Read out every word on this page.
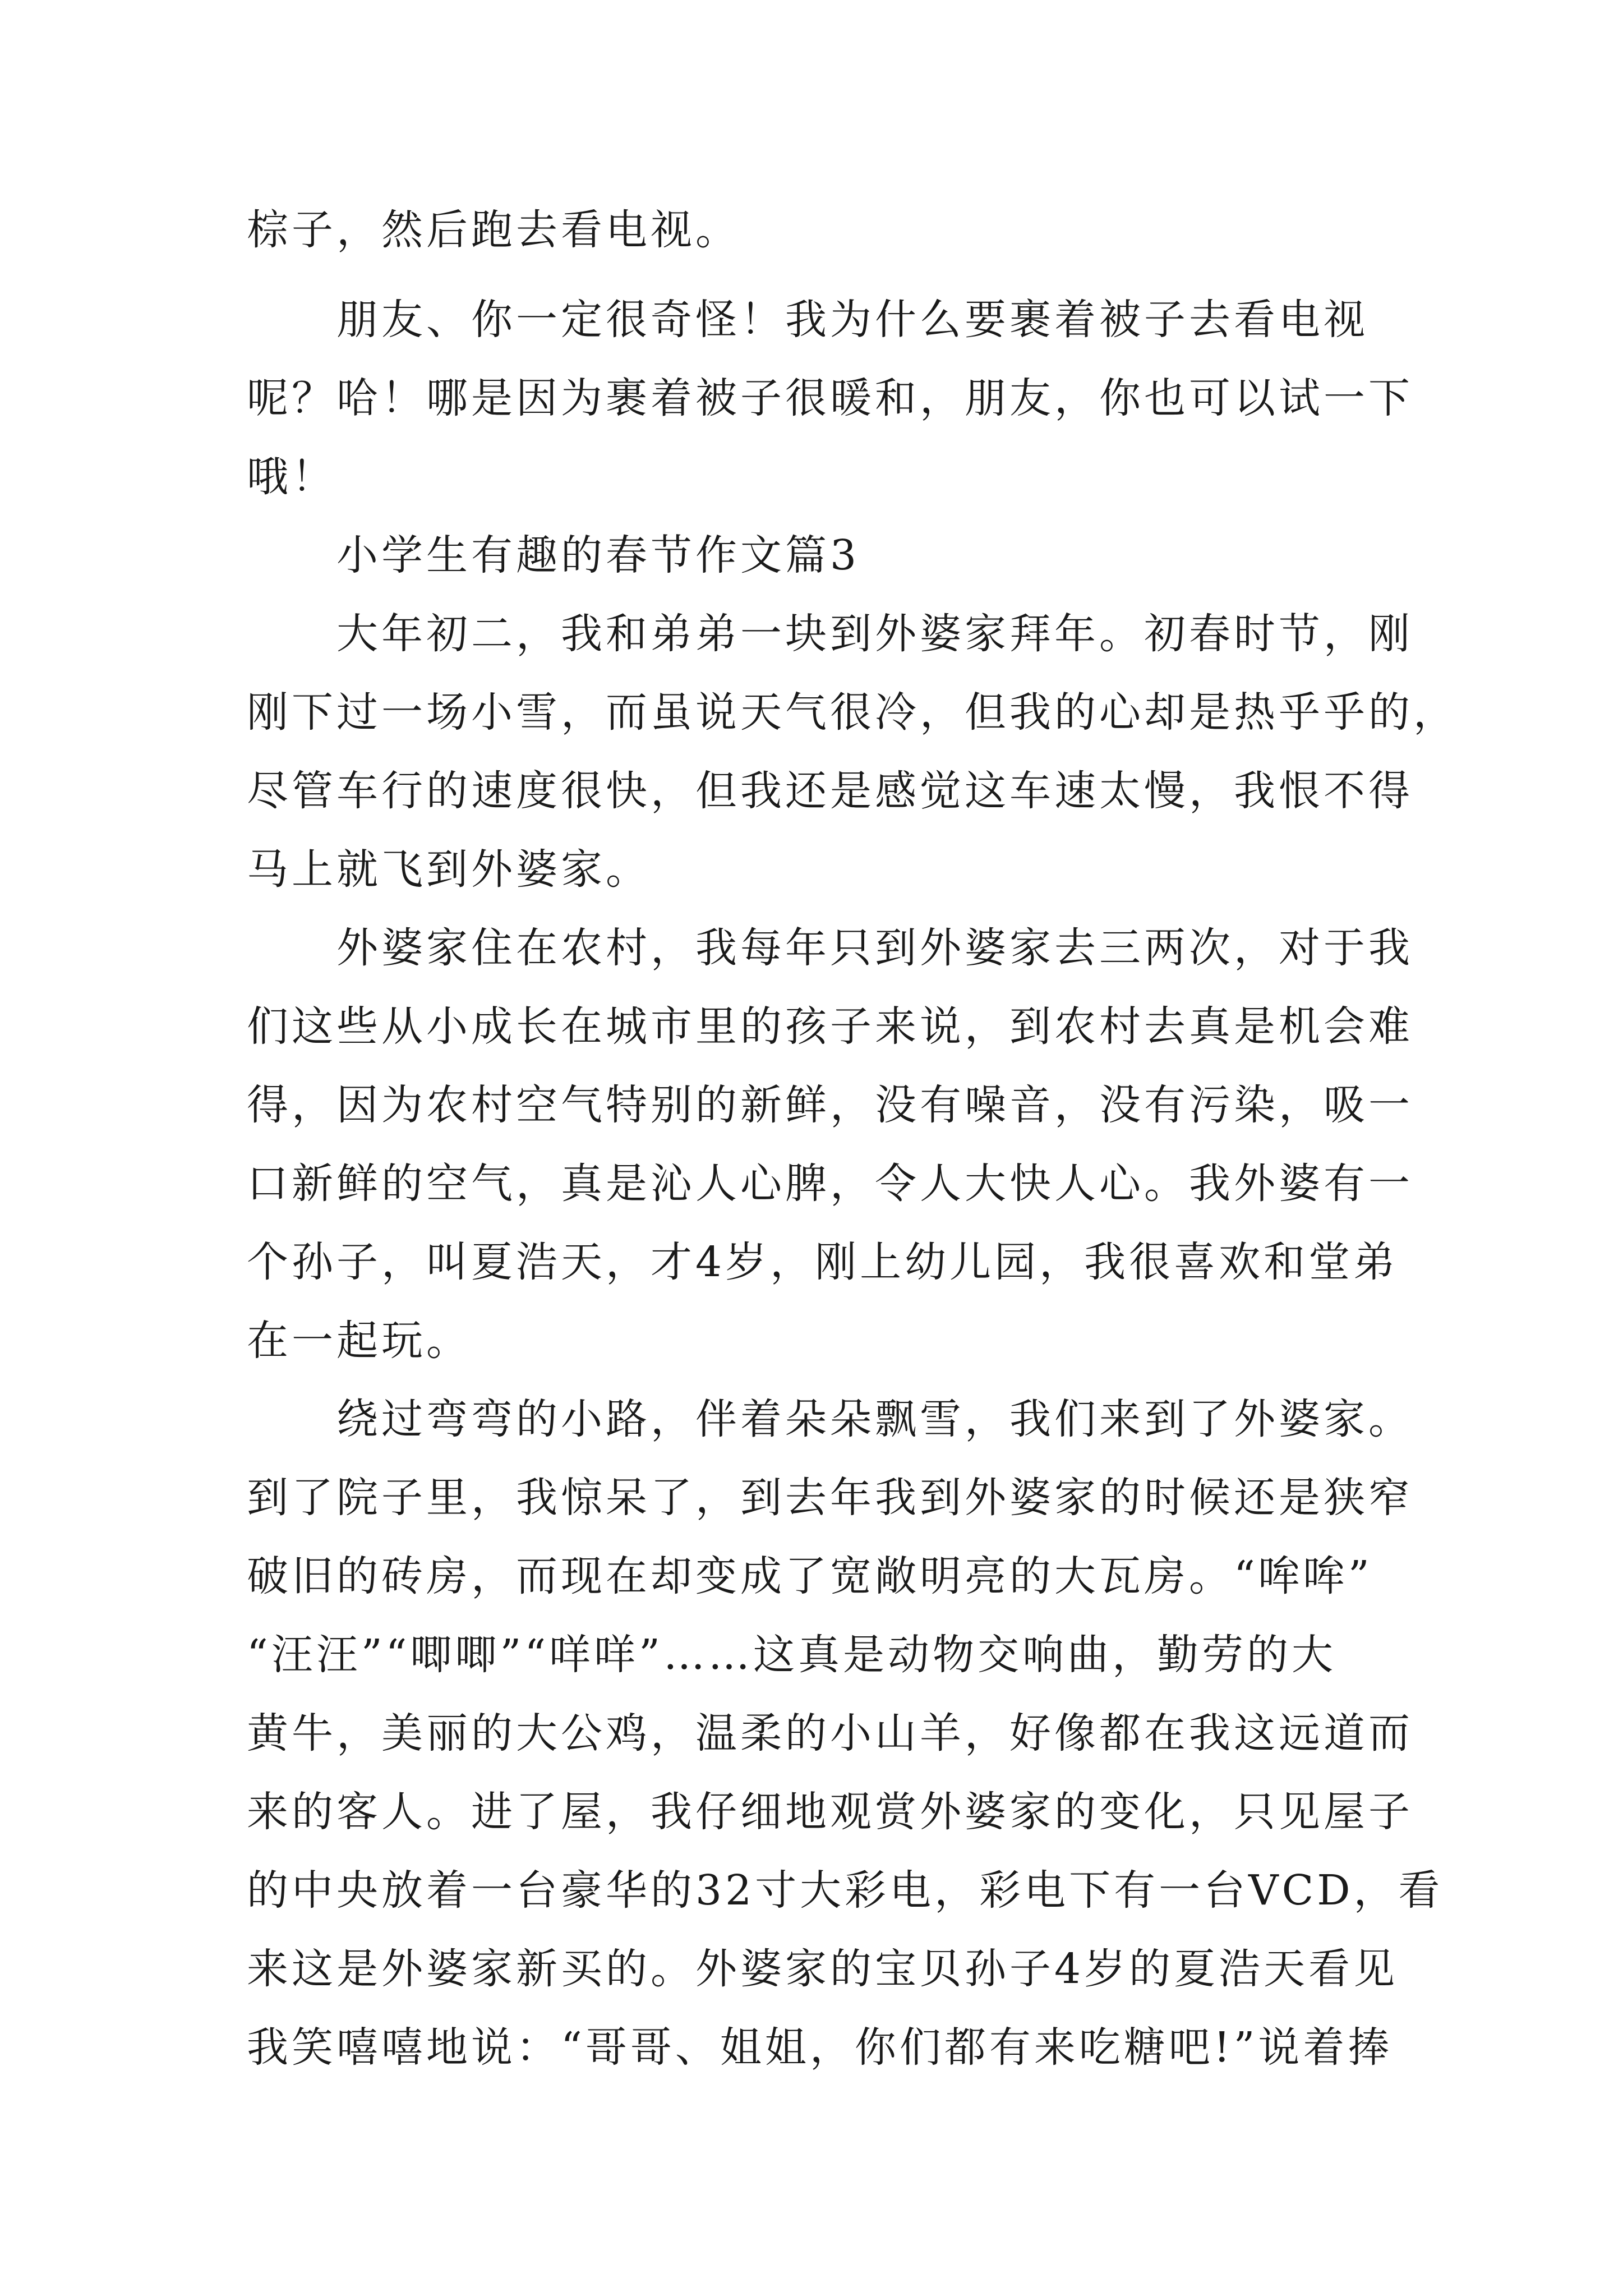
棕子，然后跑去看电视。
朋友、你一定很奇怪！我为什么要裹着被子去看电视
呢？哈！哪是因为裹着被子很暖和，朋友，你也可以试一下
哦！
小学生有趣的春节作文篇3
大年初二，我和弟弟一块到外婆家拜年。初春时节，刚
刚下过一场小雪，而虽说天气很冷，但我的心却是热乎乎的，
尽管车行的速度很快，但我还是感觉这车速太慢，我恨不得
马上就飞到外婆家。
外婆家住在农村，我每年只到外婆家去三两次，对于我
们这些从小成长在城市里的孩子来说，到农村去真是机会难
得，因为农村空气特别的新鲜，没有噪音，没有污染，吸一
口新鲜的空气，真是沁人心脾，令人大快人心。我外婆有一
个孙子，叫夏浩天，才4岁，刚上幼儿园，我很喜欢和堂弟
在一起玩。
绕过弯弯的小路，伴着朵朵飘雪，我们来到了外婆家。
到了院子里，我惊呆了，到去年我到外婆家的时候还是狭窄
破旧的砖房，而现在却变成了宽敞明亮的大瓦房。“哞哞”
“汪汪”“唧唧”“咩咩”……这真是动物交响曲，勤劳的大
黄牛，美丽的大公鸡，温柔的小山羊，好像都在我这远道而
来的客人。进了屋，我仔细地观赏外婆家的变化，只见屋子
的中央放着一台豪华的32寸大彩电，彩电下有一台VCD，看
来这是外婆家新买的。外婆家的宝贝孙子4岁的夏浩天看见
我笑嘻嘻地说：“哥哥、姐姐，你们都有来吃糖吧!”说着捧
